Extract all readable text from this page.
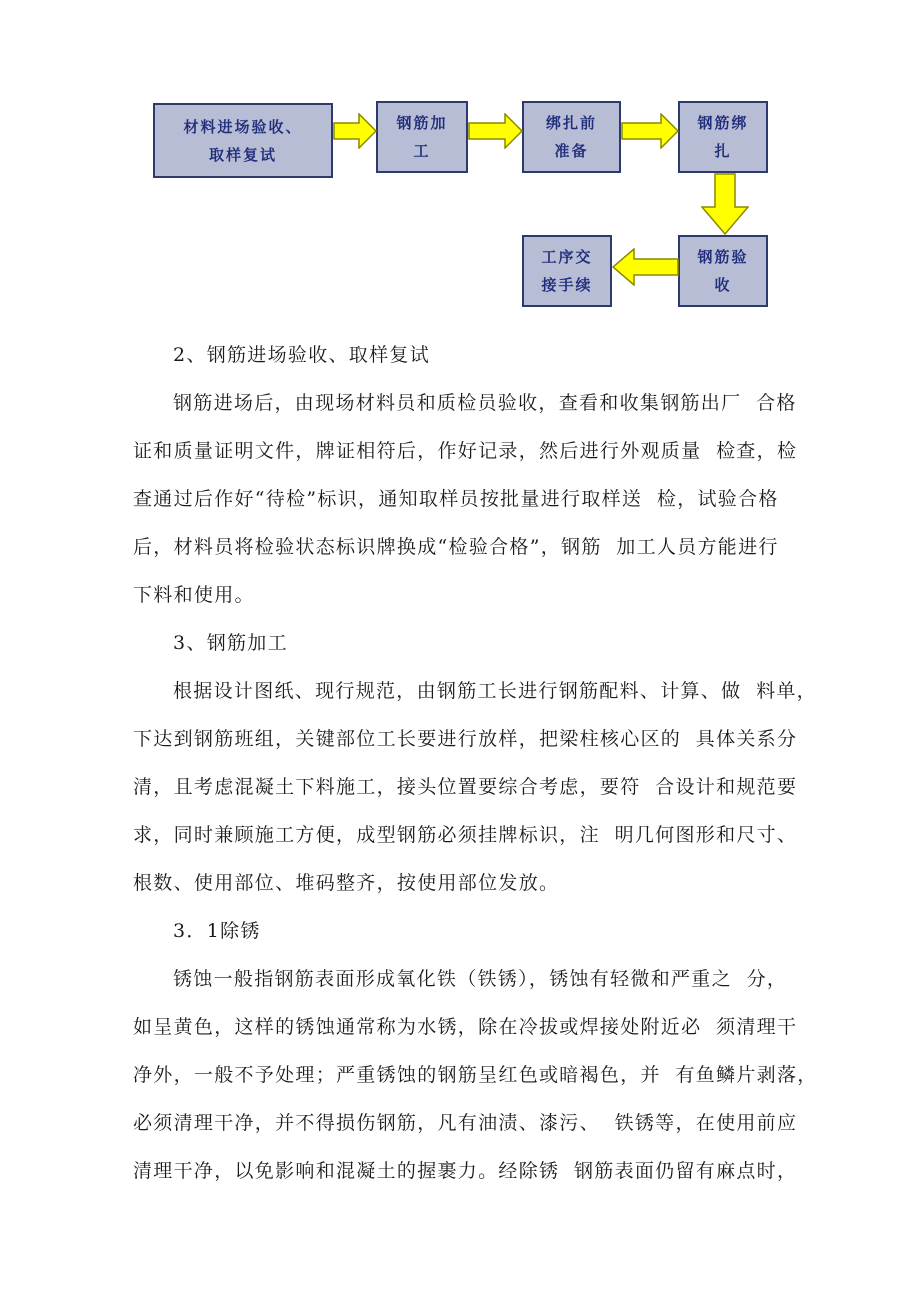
材料进场验收、
取样复试
钢筋加
工
绑扎前
准备
钢筋绑
扎
钢筋验
收
工序交
接手续
2、钢筋进场验收、取样复试
钢筋进场后，由现场材料员和质检员验收，查看和收集钢筋出厂  合格
证和质量证明文件，牌证相符后，作好记录，然后进行外观质量  检查，检
查通过后作好“待检”标识，通知取样员按批量进行取样送  检，试验合格
后，材料员将检验状态标识牌换成“检验合格”，钢筋  加工人员方能进行
下料和使用。
3、钢筋加工
根据设计图纸、现行规范，由钢筋工长进行钢筋配料、计算、做  料单，
下达到钢筋班组，关键部位工长要进行放样，把梁柱核心区的  具体关系分
清，且考虑混凝土下料施工，接头位置要综合考虑，要符  合设计和规范要
求，同时兼顾施工方便，成型钢筋必须挂牌标识，注  明几何图形和尺寸、
根数、使用部位、堆码整齐，按使用部位发放。
3．1除锈
锈蚀一般指钢筋表面形成氧化铁（铁锈），锈蚀有轻微和严重之  分，
如呈黄色，这样的锈蚀通常称为水锈，除在冷拔或焊接处附近必  须清理干
净外，一般不予处理；严重锈蚀的钢筋呈红色或暗褐色，并  有鱼鳞片剥落，
必须清理干净，并不得损伤钢筋，凡有油渍、漆污、  铁锈等，在使用前应
清理干净，以免影响和混凝土的握裹力。经除锈  钢筋表面仍留有麻点时，
